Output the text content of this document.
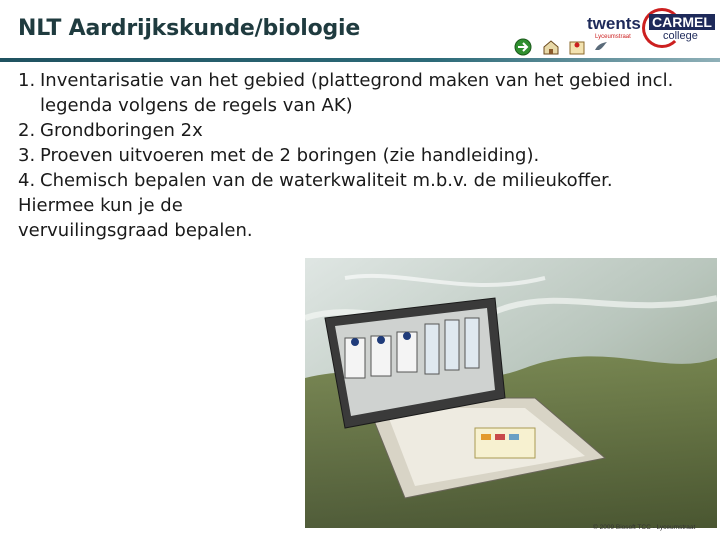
NLT Aardrijkskunde/biologie	twents
Lyceumstraat
CARMEL
college
1. Inventarisatie van het gebied (plattegrond maken van het gebied incl. legenda volgens de regels van AK)
2. Grondboringen 2x
3. Proeven uitvoeren met de 2 boringen (zie handleiding).
4. Chemisch bepalen van de waterkwaliteit m.b.v. de milieukoffer.
Hiermee kun je de
vervuilingsgraad bepalen.
© 2009 Biosoft TCC - Lyceumstraat
